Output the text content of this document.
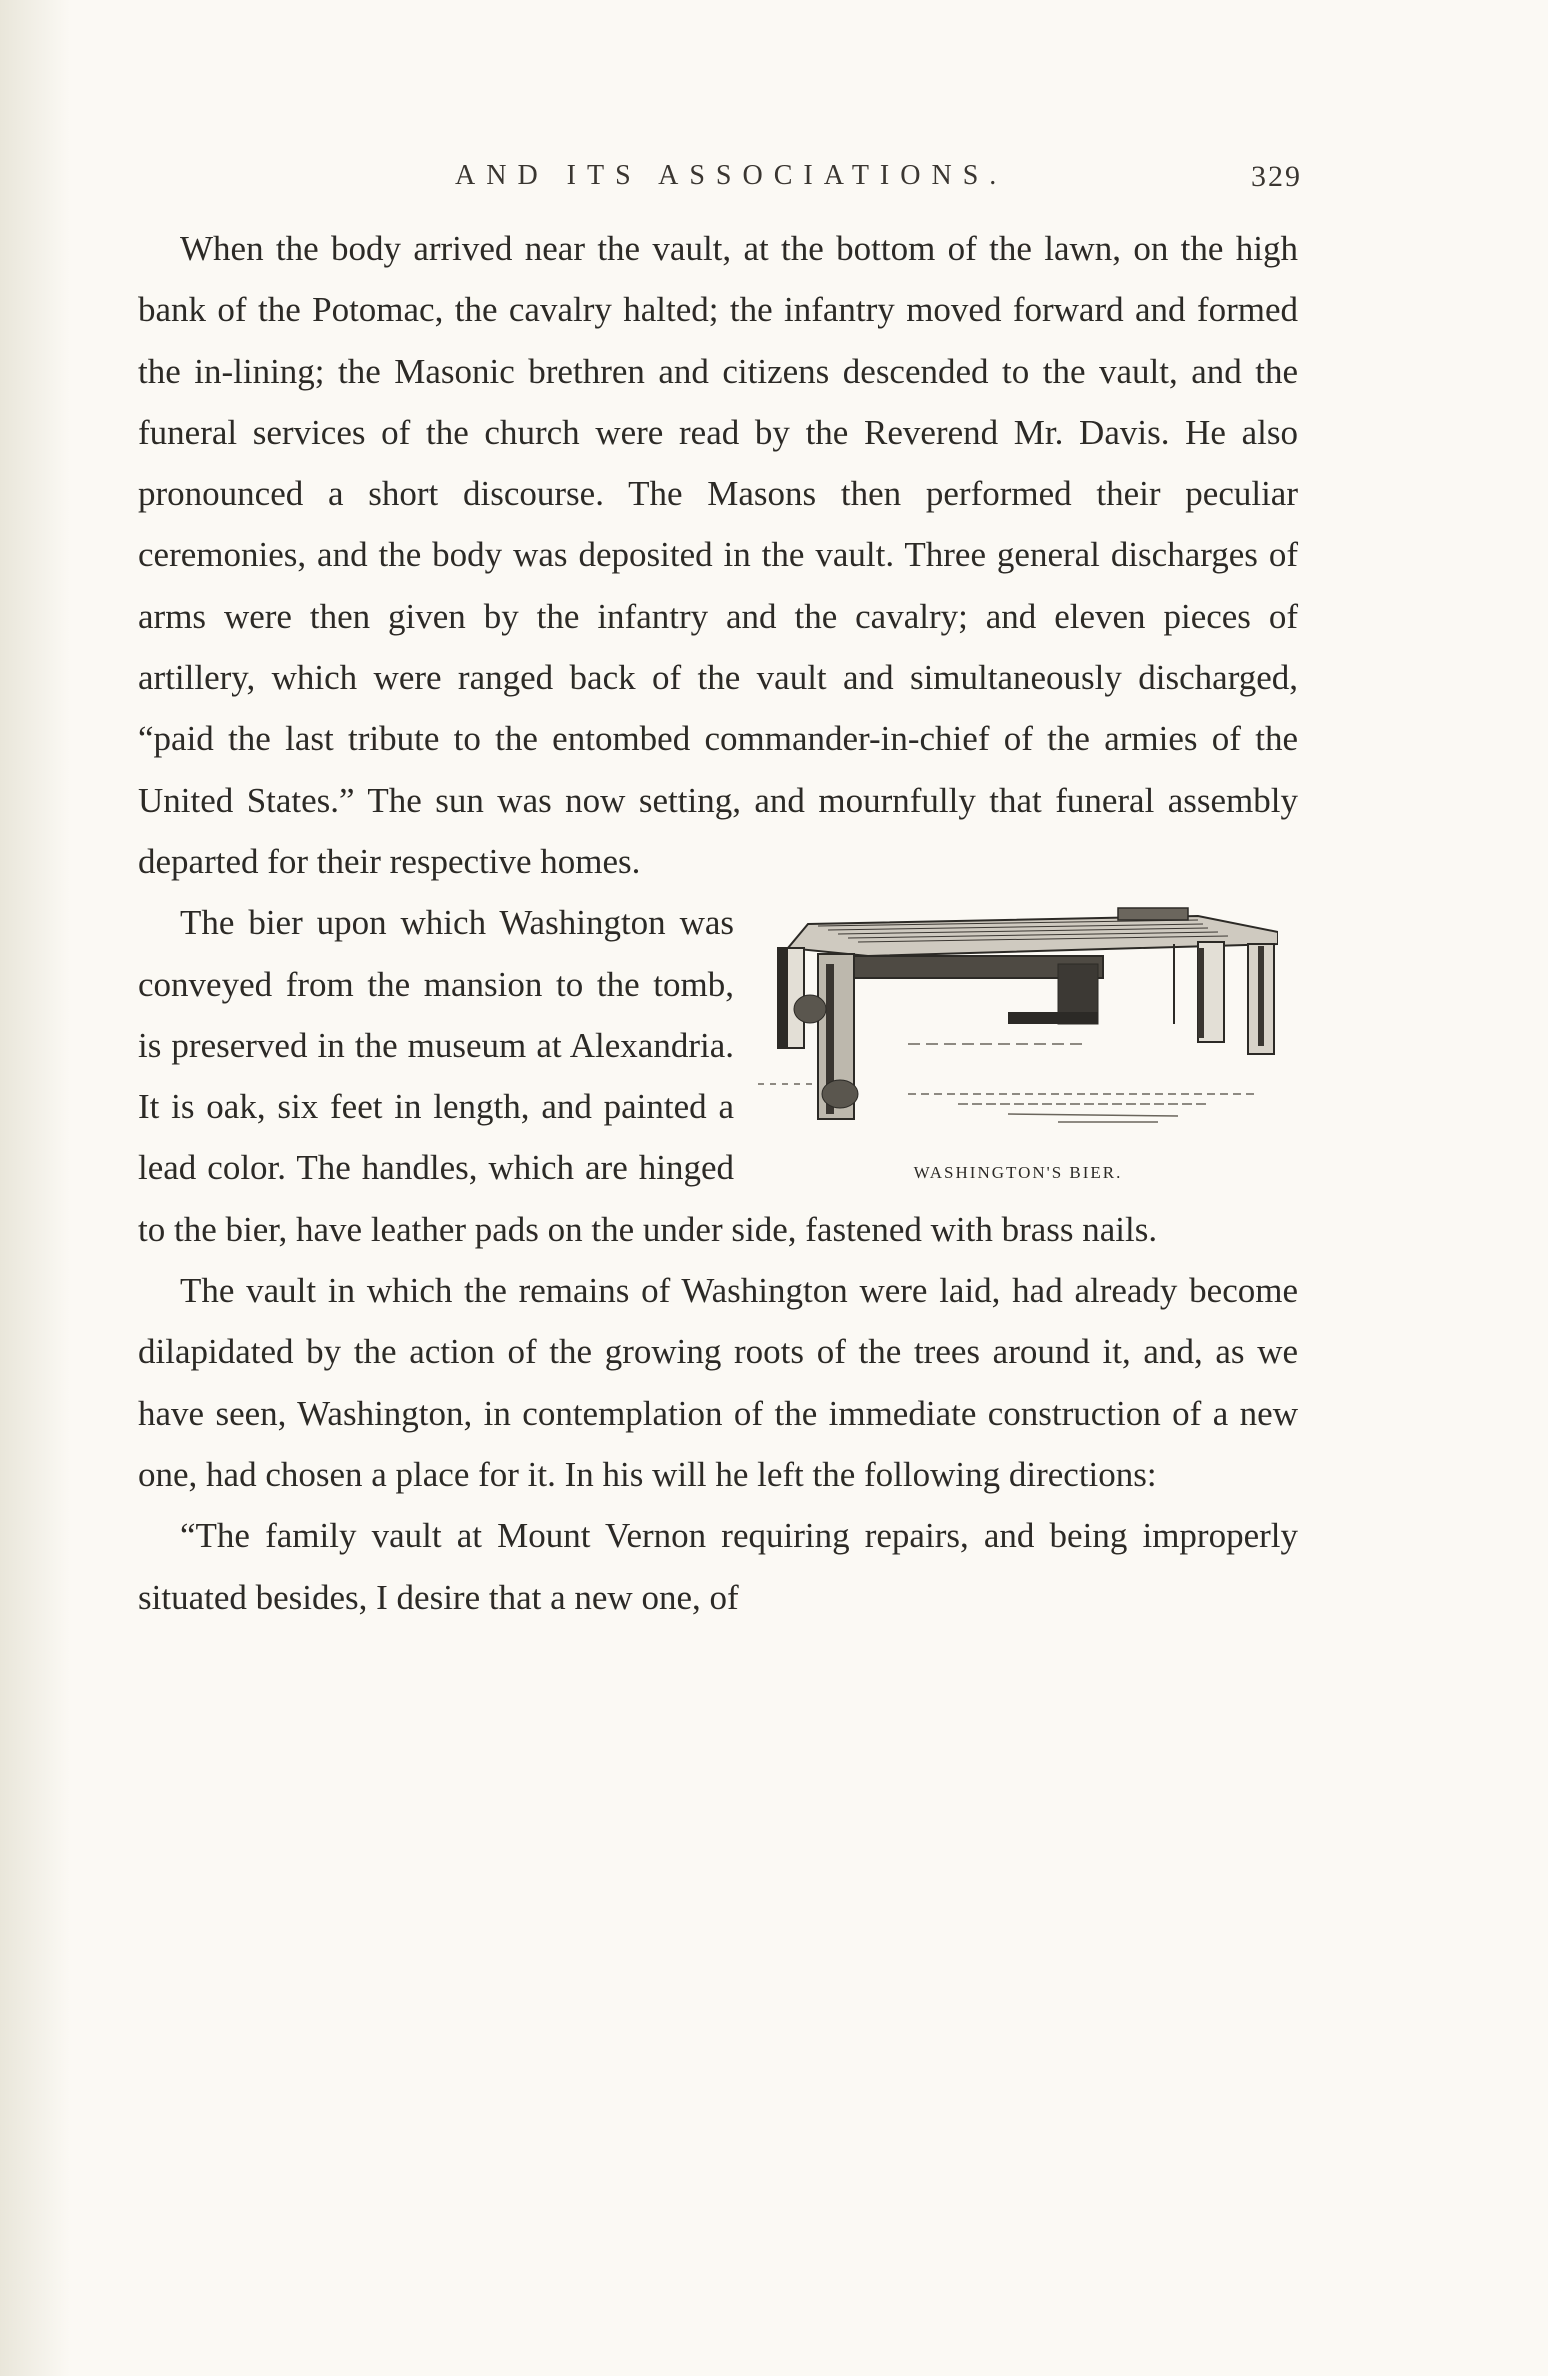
AND ITS ASSOCIATIONS.	329

When the body arrived near the vault, at the bottom of the lawn, on the high bank of the Potomac, the cavalry halted; the infantry moved forward and formed the in-lining; the Masonic brethren and citizens descended to the vault, and the funeral services of the church were read by the Reverend Mr. Davis. He also pronounced a short discourse. The Masons then performed their peculiar ceremonies, and the body was deposited in the vault. Three general discharges of arms were then given by the infantry and the cavalry; and eleven pieces of artillery, which were ranged back of the vault and simultaneously discharged, “paid the last tribute to the entombed commander-in-chief of the armies of the United States.” The sun was now setting, and mournfully that funeral assembly departed for their respective homes.

WASHINGTON'S BIER.

The bier upon which Washington was conveyed from the mansion to the tomb, is preserved in the museum at Alexandria. It is oak, six feet in length, and painted a lead color. The handles, which are hinged to the bier, have leather pads on the under side, fastened with brass nails.

The vault in which the remains of Washington were laid, had already become dilapidated by the action of the growing roots of the trees around it, and, as we have seen, Washington, in contemplation of the immediate construction of a new one, had chosen a place for it. In his will he left the following directions:

“The family vault at Mount Vernon requiring repairs, and being improperly situated besides, I desire that a new one, of
